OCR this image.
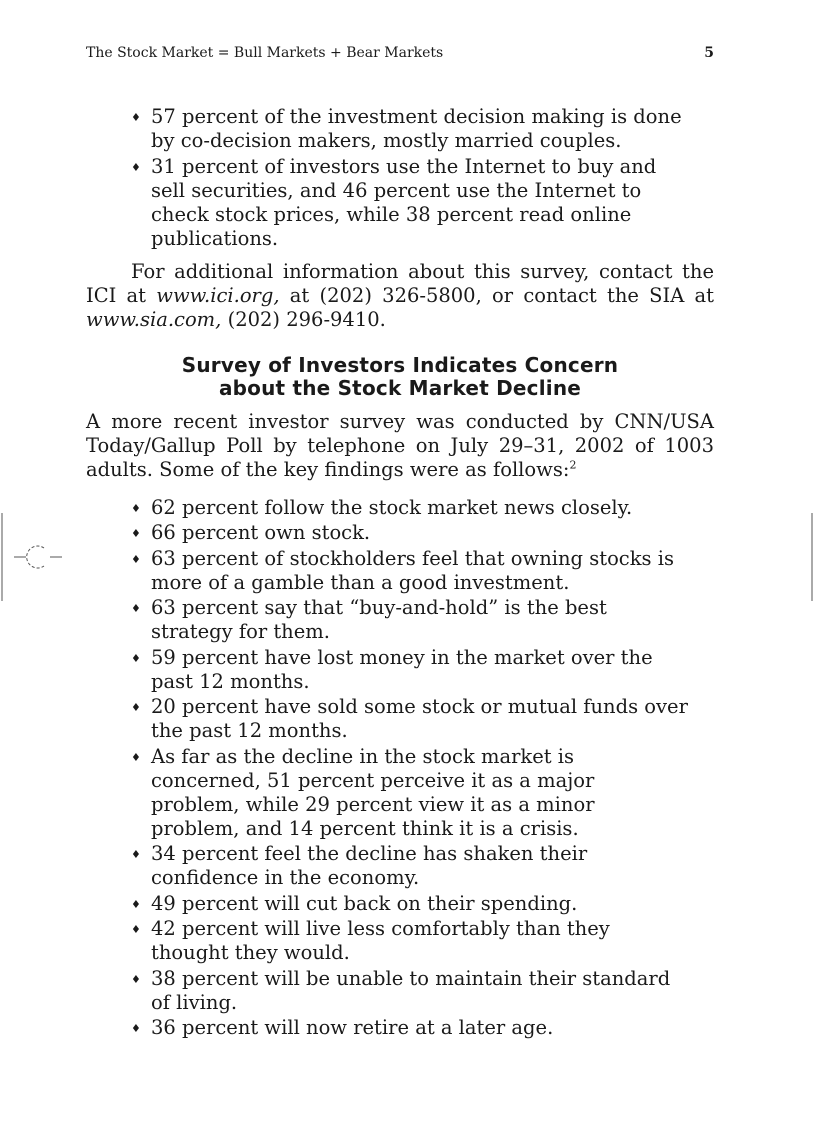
The Stock Market = Bull Markets + Bear Markets	5
♦ 57 percent of the investment decision making is done by co-decision makers, mostly married couples.
♦ 31 percent of investors use the Internet to buy and sell securities, and 46 percent use the Internet to check stock prices, while 38 percent read online publications.

For additional information about this survey, contact the ICI at www.ici.org, at (202) 326-5800, or contact the SIA at www.sia.com, (202) 296-9410.

Survey of Investors Indicates Concern
about the Stock Market Decline

A more recent investor survey was conducted by CNN/USA Today/Gallup Poll by telephone on July 29–31, 2002 of 1003 adults. Some of the key findings were as follows:$^2$

♦ 62 percent follow the stock market news closely.
♦ 66 percent own stock.
♦ 63 percent of stockholders feel that owning stocks is more of a gamble than a good investment.
♦ 63 percent say that “buy-and-hold” is the best strategy for them.
♦ 59 percent have lost money in the market over the past 12 months.
♦ 20 percent have sold some stock or mutual funds over the past 12 months.
♦ As far as the decline in the stock market is concerned, 51 percent perceive it as a major problem, while 29 percent view it as a minor problem, and 14 percent think it is a crisis.
♦ 34 percent feel the decline has shaken their confidence in the economy.
♦ 49 percent will cut back on their spending.
♦ 42 percent will live less comfortably than they thought they would.
♦ 38 percent will be unable to maintain their standard of living.
♦ 36 percent will now retire at a later age.
